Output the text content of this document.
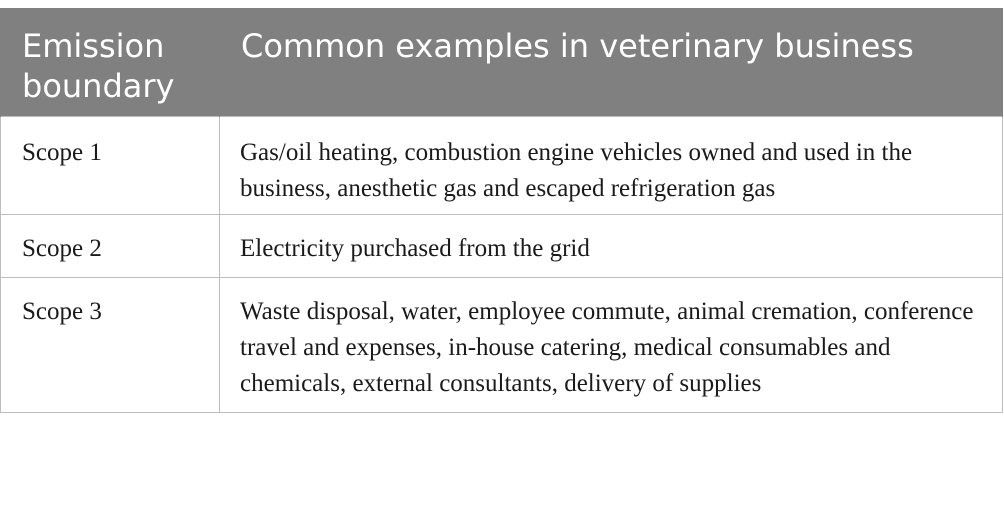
Emission boundary	Common examples in veterinary business
Scope 1	Gas/oil heating, combustion engine vehicles owned and used in the business, anesthetic gas and escaped refrigeration gas
Scope 2	Electricity purchased from the grid
Scope 3	Waste disposal, water, employee commute, animal cremation, conference travel and expenses, in-house catering, medical consumables and chemicals, external consultants, delivery of supplies
